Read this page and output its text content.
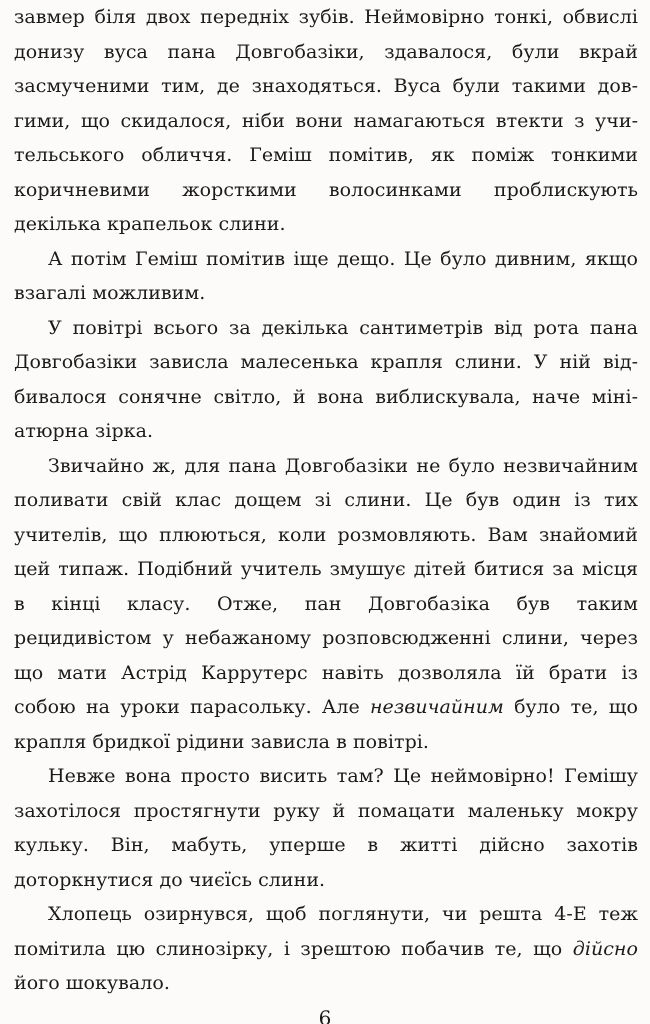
завмер біля двох передніх зубів. Неймовірно тонкі, обвислі донизу вуса пана Довгобазіки, здавалося, були вкрай засмученими тим, де знаходяться. Вуса були такими довгими, що скидалося, ніби вони намагаються втекти з учительського обличчя. Геміш помітив, як поміж тонкими коричневими жорсткими волосинками проблискують декілька крапельок слини.

А потім Геміш помітив іще дещо. Це було дивним, якщо взагалі можливим.

У повітрі всього за декілька сантиметрів від рота пана Довгобазіки зависла малесенька крапля слини. У ній відбивалося сонячне світло, й вона виблискувала, наче мініатюрна зірка.

Звичайно ж, для пана Довгобазіки не було незвичайним поливати свій клас дощем зі слини. Це був один із тих учителів, що плюються, коли розмовляють. Вам знайомий цей типаж. Подібний учитель змушує дітей битися за місця в кінці класу. Отже, пан Довгобазіка був таким рецидивістом у небажаному розповсюдженні слини, через що мати Астрід Каррутерс навіть дозволяла їй брати із собою на уроки парасольку. Але незвичайним було те, що крапля бридкої рідини зависла в повітрі.

Невже вона просто висить там? Це неймовірно! Гемішу захотілося простягнути руку й помацати маленьку мокру кульку. Він, мабуть, уперше в житті дійсно захотів доторкнутися до чиєїсь слини.

Хлопець озирнувся, щоб поглянути, чи решта 4-Е теж помітила цю слинозірку, і зрештою побачив те, що дійсно його шокувало.

6
